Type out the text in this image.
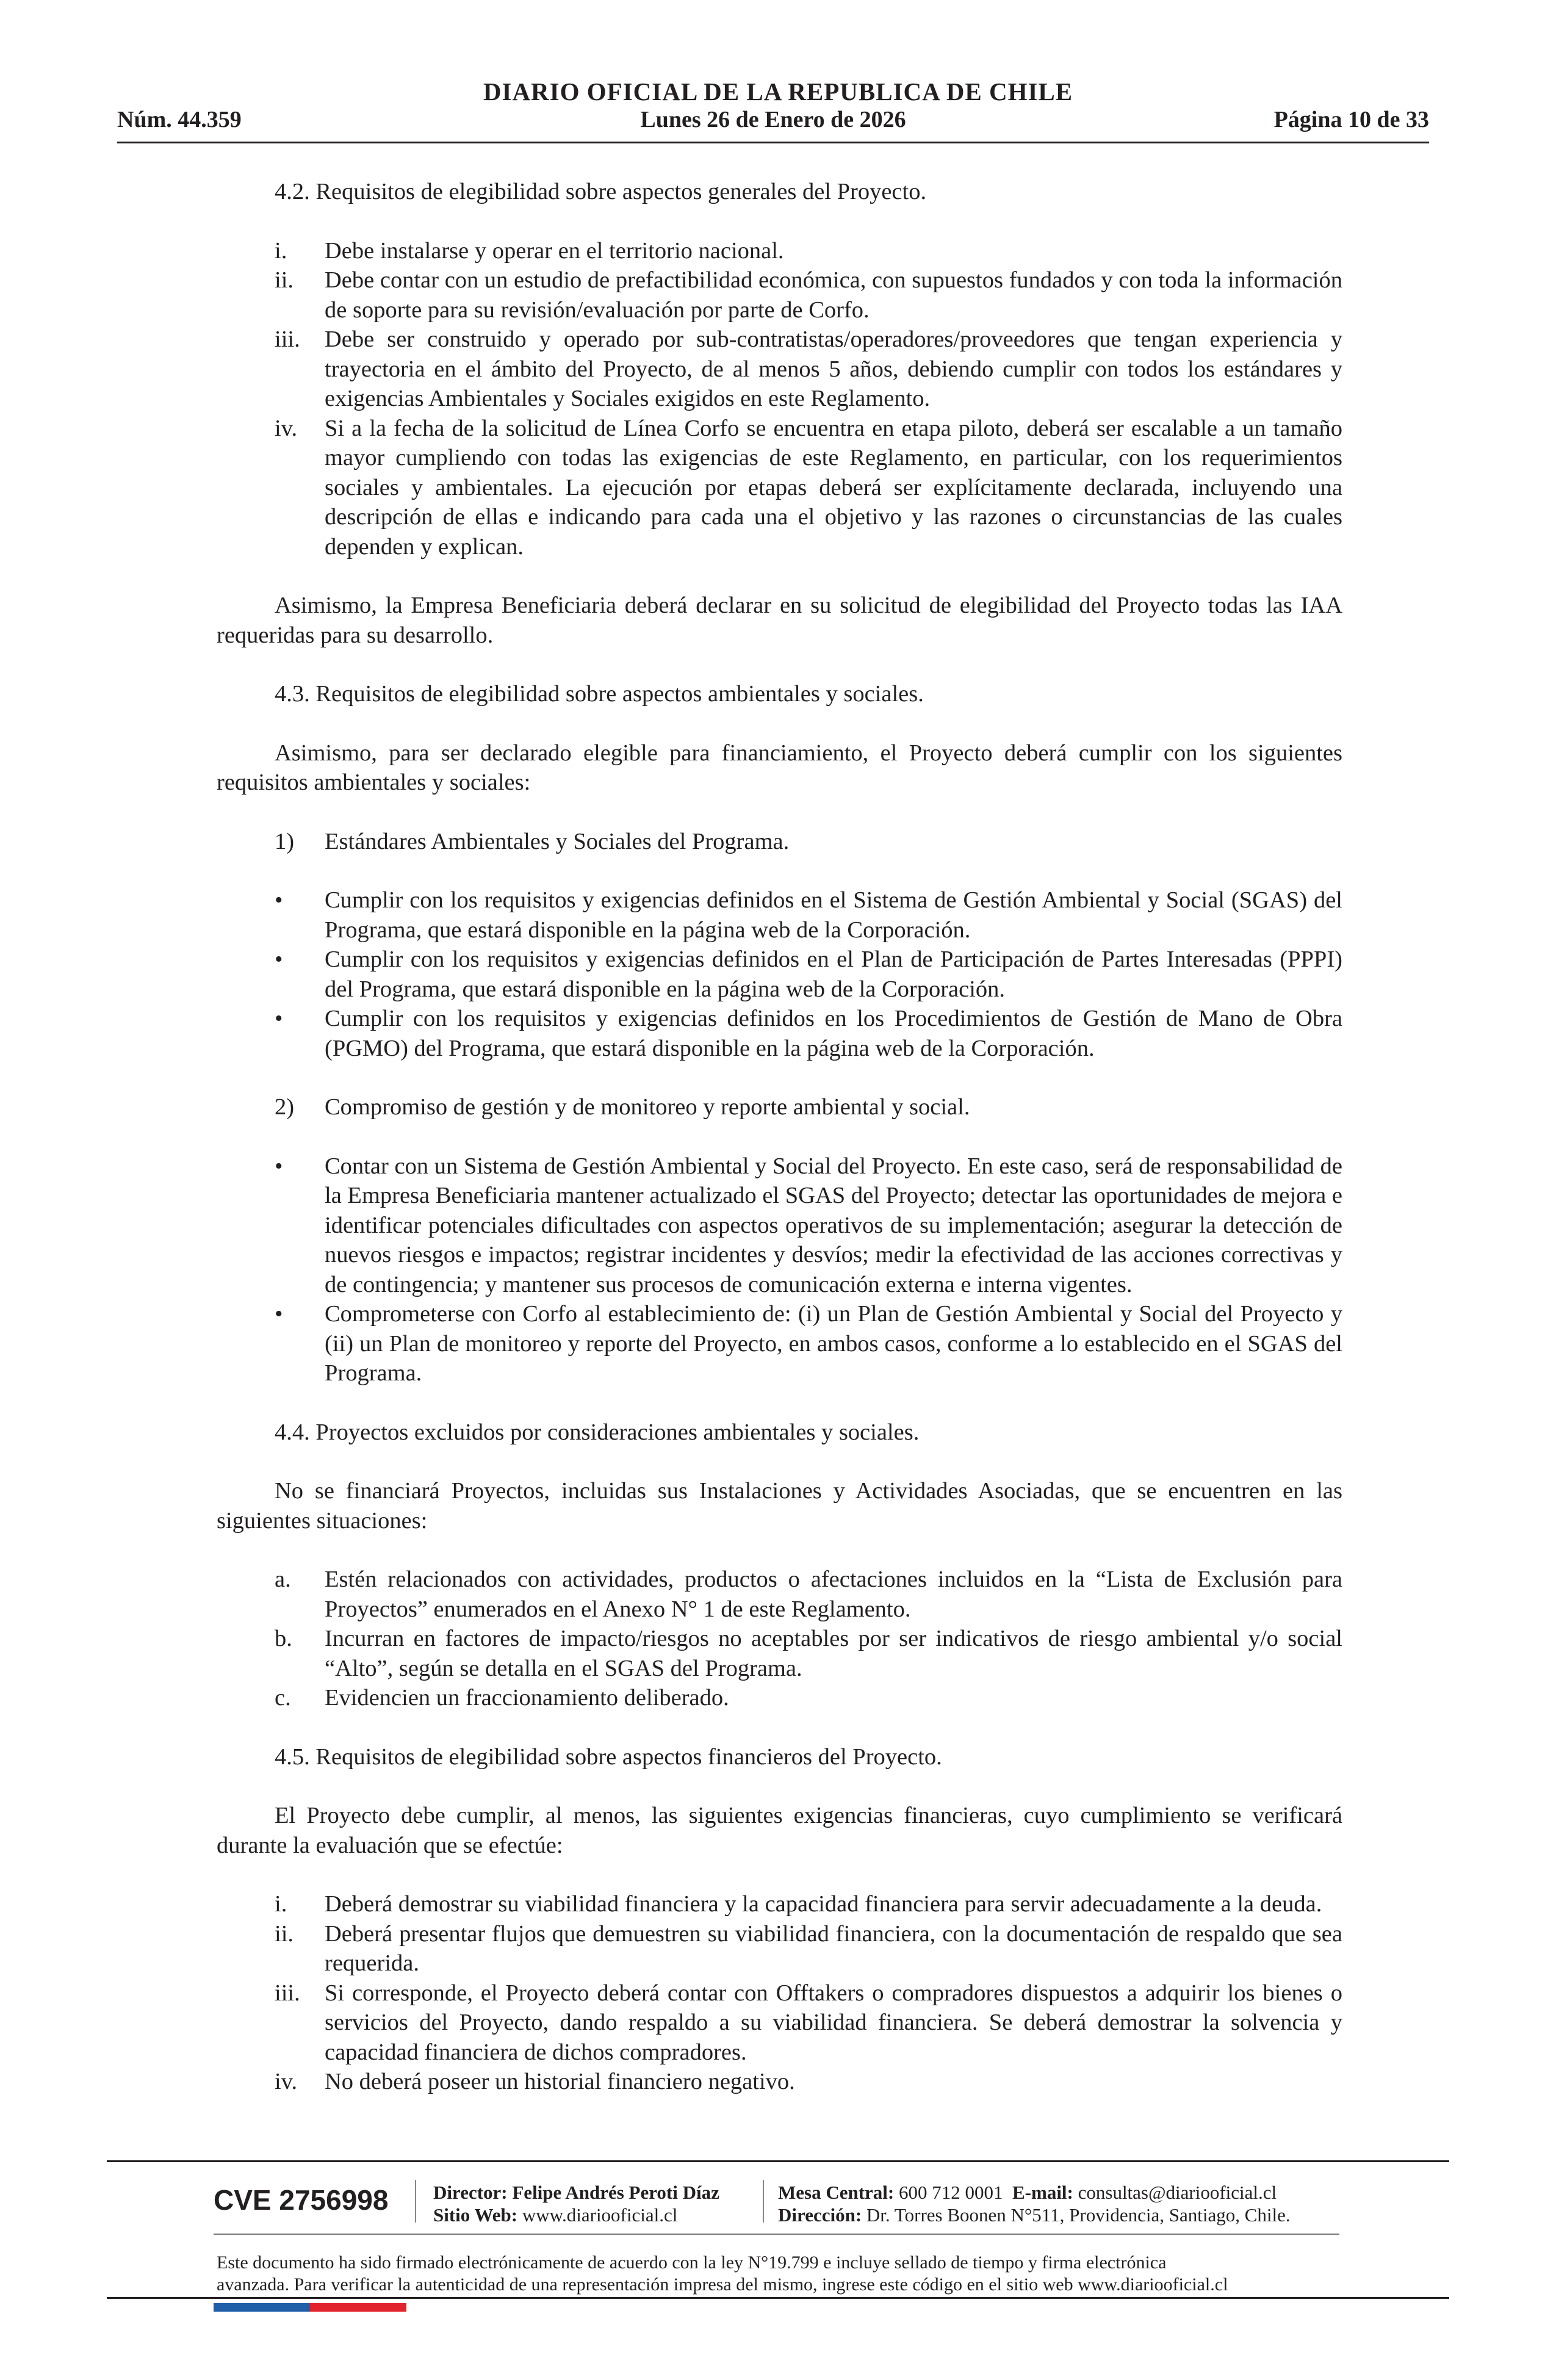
DIARIO OFICIAL DE LA REPUBLICA DE CHILE
Lunes 26 de Enero de 2026
Núm. 44.359	Página 10 de 33

4.2. Requisitos de elegibilidad sobre aspectos generales del Proyecto.

i. Debe instalarse y operar en el territorio nacional.
ii. Debe contar con un estudio de prefactibilidad económica, con supuestos fundados y con toda la información de soporte para su revisión/evaluación por parte de Corfo.
iii. Debe ser construido y operado por sub-contratistas/operadores/proveedores que tengan experiencia y trayectoria en el ámbito del Proyecto, de al menos 5 años, debiendo cumplir con todos los estándares y exigencias Ambientales y Sociales exigidos en este Reglamento.
iv. Si a la fecha de la solicitud de Línea Corfo se encuentra en etapa piloto, deberá ser escalable a un tamaño mayor cumpliendo con todas las exigencias de este Reglamento, en particular, con los requerimientos sociales y ambientales. La ejecución por etapas deberá ser explícitamente declarada, incluyendo una descripción de ellas e indicando para cada una el objetivo y las razones o circunstancias de las cuales dependen y explican.

Asimismo, la Empresa Beneficiaria deberá declarar en su solicitud de elegibilidad del Proyecto todas las IAA requeridas para su desarrollo.

4.3. Requisitos de elegibilidad sobre aspectos ambientales y sociales.

Asimismo, para ser declarado elegible para financiamiento, el Proyecto deberá cumplir con los siguientes requisitos ambientales y sociales:

1) Estándares Ambientales y Sociales del Programa.
• Cumplir con los requisitos y exigencias definidos en el Sistema de Gestión Ambiental y Social (SGAS) del Programa, que estará disponible en la página web de la Corporación.
• Cumplir con los requisitos y exigencias definidos en el Plan de Participación de Partes Interesadas (PPPI) del Programa, que estará disponible en la página web de la Corporación.
• Cumplir con los requisitos y exigencias definidos en los Procedimientos de Gestión de Mano de Obra (PGMO) del Programa, que estará disponible en la página web de la Corporación.
2) Compromiso de gestión y de monitoreo y reporte ambiental y social.
• Contar con un Sistema de Gestión Ambiental y Social del Proyecto. En este caso, será de responsabilidad de la Empresa Beneficiaria mantener actualizado el SGAS del Proyecto; detectar las oportunidades de mejora e identificar potenciales dificultades con aspectos operativos de su implementación; asegurar la detección de nuevos riesgos e impactos; registrar incidentes y desvíos; medir la efectividad de las acciones correctivas y de contingencia; y mantener sus procesos de comunicación externa e interna vigentes.
• Comprometerse con Corfo al establecimiento de: (i) un Plan de Gestión Ambiental y Social del Proyecto y (ii) un Plan de monitoreo y reporte del Proyecto, en ambos casos, conforme a lo establecido en el SGAS del Programa.

4.4. Proyectos excluidos por consideraciones ambientales y sociales.

No se financiará Proyectos, incluidas sus Instalaciones y Actividades Asociadas, que se encuentren en las siguientes situaciones:

a. Estén relacionados con actividades, productos o afectaciones incluidos en la “Lista de Exclusión para Proyectos” enumerados en el Anexo N° 1 de este Reglamento.
b. Incurran en factores de impacto/riesgos no aceptables por ser indicativos de riesgo ambiental y/o social “Alto”, según se detalla en el SGAS del Programa.
c. Evidencien un fraccionamiento deliberado.

4.5. Requisitos de elegibilidad sobre aspectos financieros del Proyecto.

El Proyecto debe cumplir, al menos, las siguientes exigencias financieras, cuyo cumplimiento se verificará durante la evaluación que se efectúe:

i. Deberá demostrar su viabilidad financiera y la capacidad financiera para servir adecuadamente a la deuda.
ii. Deberá presentar flujos que demuestren su viabilidad financiera, con la documentación de respaldo que sea requerida.
iii. Si corresponde, el Proyecto deberá contar con Offtakers o compradores dispuestos a adquirir los bienes o servicios del Proyecto, dando respaldo a su viabilidad financiera. Se deberá demostrar la solvencia y capacidad financiera de dichos compradores.
iv. No deberá poseer un historial financiero negativo.
CVE 2756998 Director: Felipe Andrés Peroti Díaz
Sitio Web: www.diariooficial.cl
Mesa Central: 600 712 0001 E-mail: consultas@diariooficial.cl
Dirección: Dr. Torres Boonen N°511, Providencia, Santiago, Chile.
Este documento ha sido firmado electrónicamente de acuerdo con la ley N°19.799 e incluye sellado de tiempo y firma electrónica
avanzada. Para verificar la autenticidad de una representación impresa del mismo, ingrese este código en el sitio web www.diariooficial.cl
